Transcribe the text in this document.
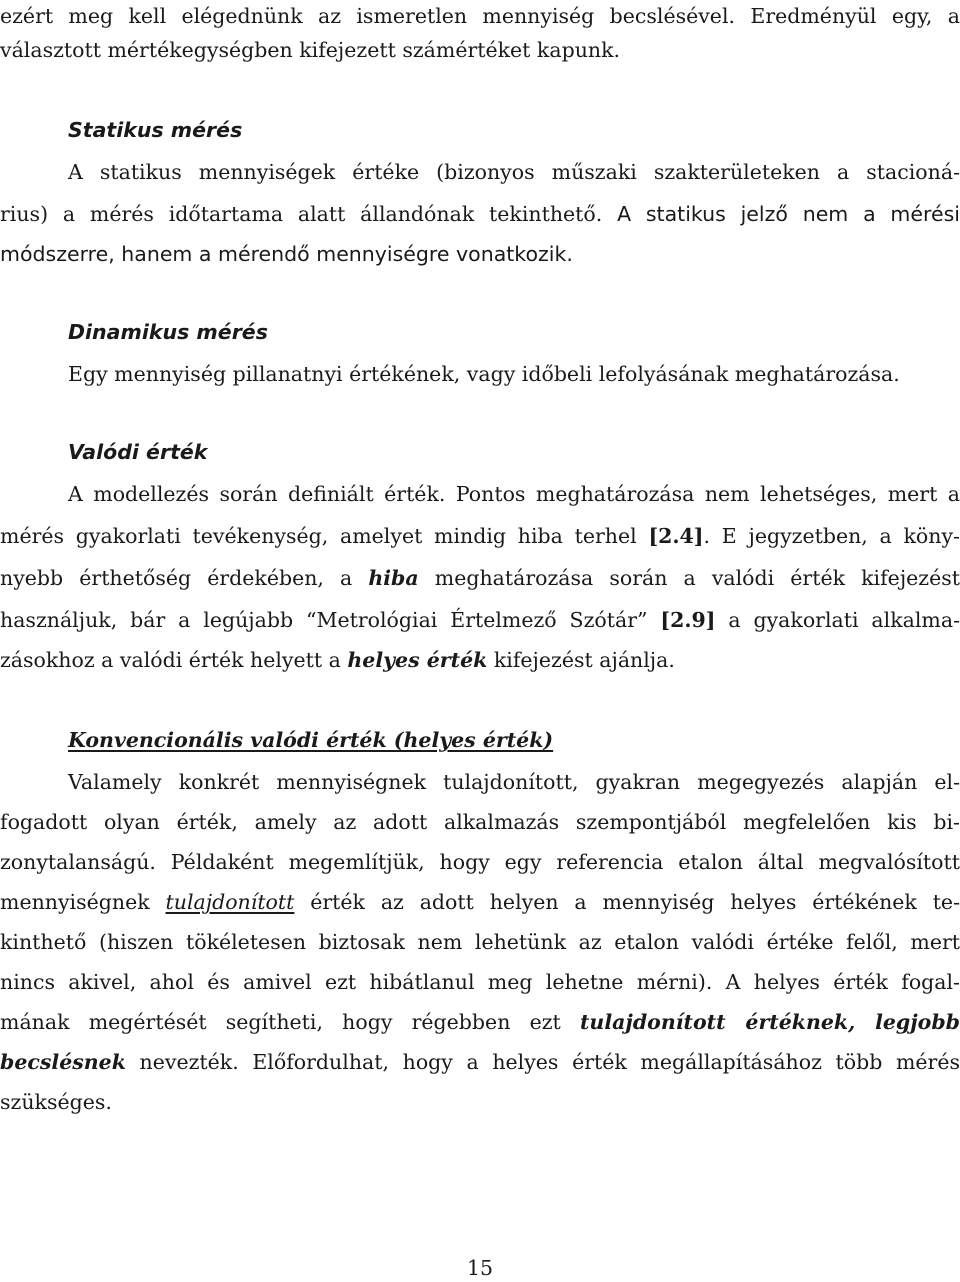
ezért meg kell elégednünk az ismeretlen mennyiség becslésével. Eredményül egy, a
választott mértékegységben kifejezett számértéket kapunk.
Statikus mérés
A statikus mennyiségek értéke (bizonyos műszaki szakterületeken a stacioná-
rius) a mérés időtartama alatt állandónak tekinthető. A statikus jelző nem a mérési
módszerre, hanem a mérendő mennyiségre vonatkozik.
Dinamikus mérés
Egy mennyiség pillanatnyi értékének, vagy időbeli lefolyásának meghatározása.
Valódi érték
A modellezés során definiált érték. Pontos meghatározása nem lehetséges, mert a
mérés gyakorlati tevékenység, amelyet mindig hiba terhel [2.4]. E jegyzetben, a köny-
nyebb érthetőség érdekében, a hiba meghatározása során a valódi érték kifejezést
használjuk, bár a legújabb “Metrológiai Értelmező Szótár” [2.9] a gyakorlati alkalma-
zásokhoz a valódi érték helyett a helyes érték kifejezést ajánlja.
Konvencionális valódi érték (helyes érték)
Valamely konkrét mennyiségnek tulajdonított, gyakran megegyezés alapján el-
fogadott olyan érték, amely az adott alkalmazás szempontjából megfelelően kis bi-
zonytalanságú. Példaként megemlítjük, hogy egy referencia etalon által megvalósított
mennyiségnek tulajdonított érték az adott helyen a mennyiség helyes értékének te-
kinthető (hiszen tökéletesen biztosak nem lehetünk az etalon valódi értéke felől, mert
nincs akivel, ahol és amivel ezt hibátlanul meg lehetne mérni). A helyes érték fogal-
mának megértését segítheti, hogy régebben ezt tulajdonított értéknek, legjobb
becslésnek nevezték. Előfordulhat, hogy a helyes érték megállapításához több mérés
szükséges.
15
